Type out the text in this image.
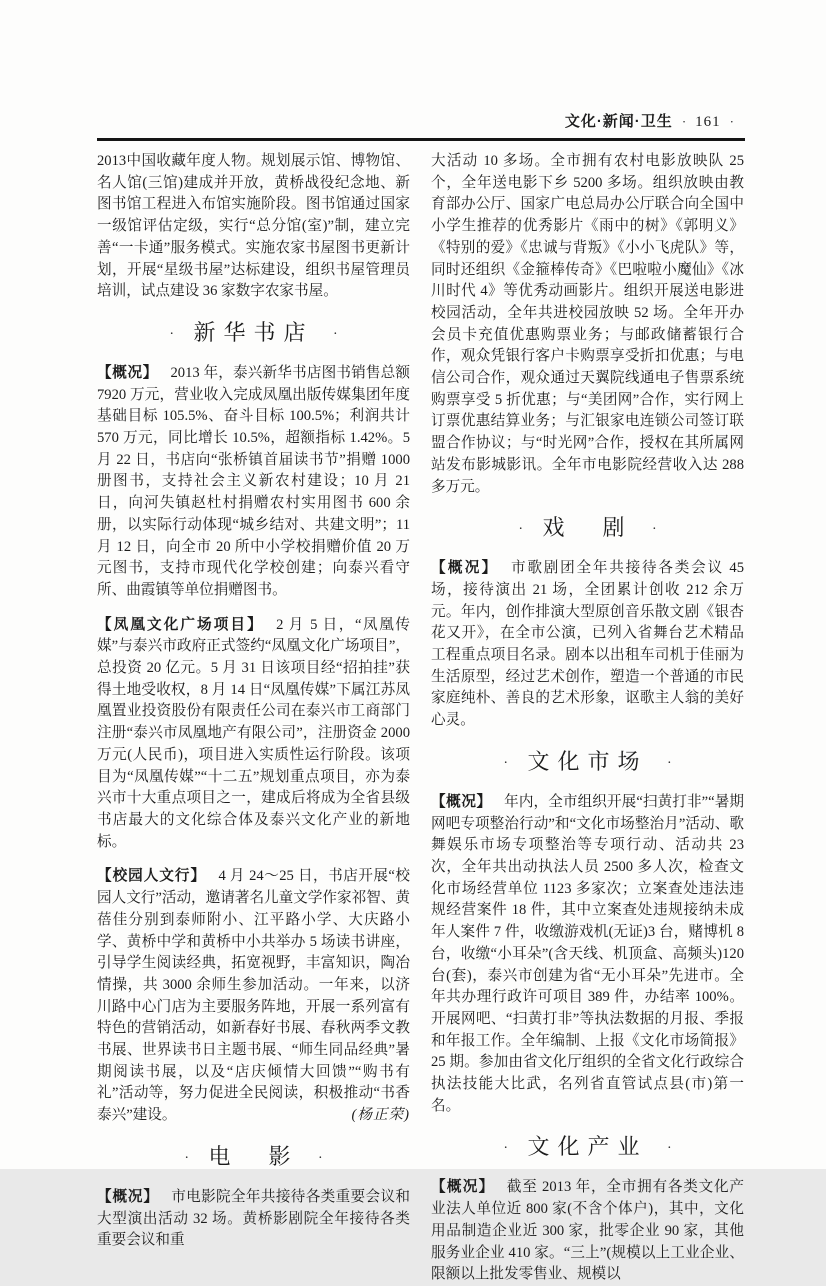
文化·新闻·卫生 · 161 ·

2013中国收藏年度人物。规划展示馆、博物馆、名人馆(三馆)建成并开放，黄桥战役纪念地、新图书馆工程进入布馆实施阶段。图书馆通过国家一级馆评估定级，实行“总分馆(室)”制，建立完善“一卡通”服务模式。实施农家书屋图书更新计划，开展“星级书屋”达标建设，组织书屋管理员培训，试点建设 36 家数字农家书屋。

· 新华书店 ·

【概况】 2013 年，泰兴新华书店图书销售总额 7920 万元，营业收入完成凤凰出版传媒集团年度基础目标 105.5%、奋斗目标 100.5%；利润共计 570 万元，同比增长 10.5%，超额指标 1.42%。5 月 22 日，书店向“张桥镇首届读书节”捐赠 1000 册图书，支持社会主义新农村建设；10 月 21 日，向河失镇赵杜村捐赠农村实用图书 600 余册，以实际行动体现“城乡结对、共建文明”；11 月 12 日，向全市 20 所中小学校捐赠价值 20 万元图书，支持市现代化学校创建；向泰兴看守所、曲霞镇等单位捐赠图书。

【凤凰文化广场项目】 2 月 5 日，“凤凰传媒”与泰兴市政府正式签约“凤凰文化广场项目”，总投资 20 亿元。5 月 31 日该项目经“招拍挂”获得土地受收权，8 月 14 日“凤凰传媒”下属江苏凤凰置业投资股份有限责任公司在泰兴市工商部门注册“泰兴市凤凰地产有限公司”，注册资金 2000 万元(人民币)，项目进入实质性运行阶段。该项目为“凤凰传媒”“十二五”规划重点项目，亦为泰兴市十大重点项目之一，建成后将成为全省县级书店最大的文化综合体及泰兴文化产业的新地标。

【校园人文行】 4 月 24～25 日，书店开展“校园人文行”活动，邀请著名儿童文学作家祁智、黄蓓佳分别到泰师附小、江平路小学、大庆路小学、黄桥中学和黄桥中小共举办 5 场读书讲座，引导学生阅读经典，拓宽视野，丰富知识，陶冶情操，共 3000 余师生参加活动。一年来，以济川路中心门店为主要服务阵地，开展一系列富有特色的营销活动，如新春好书展、春秋两季文教书展、世界读书日主题书展、“师生同品经典”暑期阅读书展，以及“店庆倾情大回馈”“购书有礼”活动等，努力促进全民阅读，积极推动“书香泰兴”建设。	(杨正荣)

· 电　影 ·

【概况】 市电影院全年共接待各类重要会议和大型演出活动 32 场。黄桥影剧院全年接待各类重要会议和重

大活动 10 多场。全市拥有农村电影放映队 25 个，全年送电影下乡 5200 多场。组织放映由教育部办公厅、国家广电总局办公厅联合向全国中小学生推荐的优秀影片《雨中的树》《郭明义》《特别的爱》《忠诚与背叛》《小小飞虎队》等，同时还组织《金箍棒传奇》《巴啦啦小魔仙》《冰川时代 4》等优秀动画影片。组织开展送电影进校园活动，全年共进校园放映 52 场。全年开办会员卡充值优惠购票业务；与邮政储蓄银行合作，观众凭银行客户卡购票享受折扣优惠；与电信公司合作，观众通过天翼院线通电子售票系统购票享受 5 折优惠；与“美团网”合作，实行网上订票优惠结算业务；与汇银家电连锁公司签订联盟合作协议；与“时光网”合作，授权在其所属网站发布影城影讯。全年市电影院经营收入达 288 多万元。

· 戏　剧 ·

【概况】 市歌剧团全年共接待各类会议 45 场，接待演出 21 场，全团累计创收 212 余万元。年内，创作排演大型原创音乐散文剧《银杏花又开》，在全市公演，已列入省舞台艺术精品工程重点项目名录。剧本以出租车司机于佳丽为生活原型，经过艺术创作，塑造一个普通的市民家庭纯朴、善良的艺术形象，讴歌主人翁的美好心灵。

· 文化市场 ·

【概况】 年内，全市组织开展“扫黄打非”“暑期网吧专项整治行动”和“文化市场整治月”活动、歌舞娱乐市场专项整治等专项行动、活动共 23 次，全年共出动执法人员 2500 多人次，检查文化市场经营单位 1123 多家次；立案查处违法违规经营案件 18 件，其中立案查处违规接纳未成年人案件 7 件，收缴游戏机(无证)3 台，赌博机 8 台，收缴“小耳朵”(含天线、机顶盒、高频头)120 台(套)，泰兴市创建为省“无小耳朵”先进市。全年共办理行政许可项目 389 件，办结率 100%。开展网吧、“扫黄打非”等执法数据的月报、季报和年报工作。全年编制、上报《文化市场简报》25 期。参加由省文化厅组织的全省文化行政综合执法技能大比武，名列省直管试点县(市)第一名。

· 文化产业 ·

【概况】 截至 2013 年，全市拥有各类文化产业法人单位近 800 家(不含个体户)，其中，文化用品制造企业近 300 家，批零企业 90 家，其他服务业企业 410 家。“三上”(规模以上工业企业、限额以上批发零售业、规模以
